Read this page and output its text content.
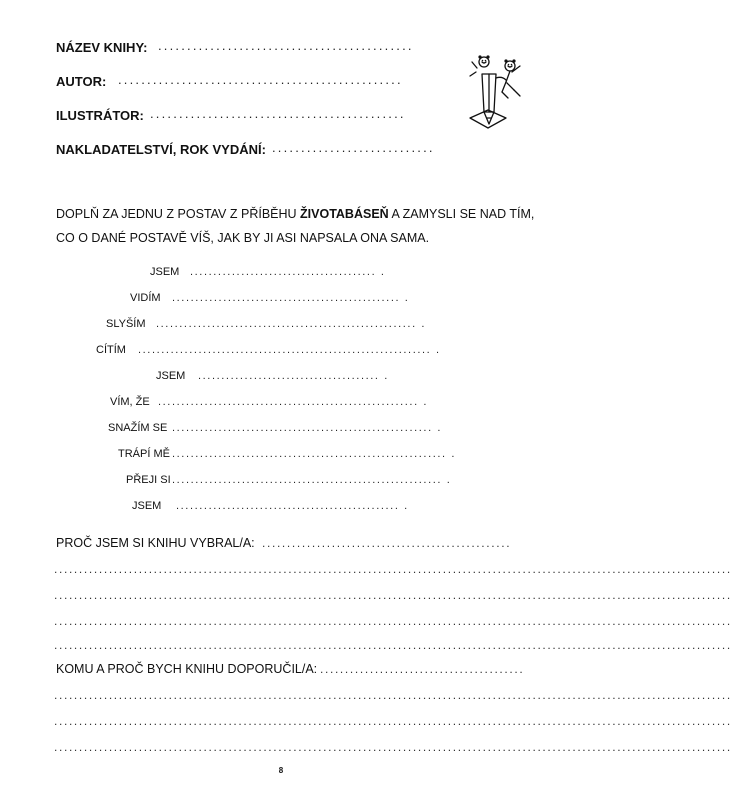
NÁZEV KNIHY: ............................................
AUTOR: .................................................
ILUSTRÁTOR: ............................................
NAKLADATELSTVÍ, ROK VYDÁNÍ: ............................
DOPLŇ ZA JEDNU Z POSTAV Z PŘÍBĚHU ŽIVOTABÁSEŇ A ZAMYSLI SE NAD TÍM, CO O DANÉ POSTAVĚ VÍŠ, JAK BY JI ASI NAPSALA ONA SAMA.
JSEM ........................................ .
VIDÍM ................................................. .
SLYŠÍM ........................................................ .
CÍTÍM ............................................................... .
JSEM ....................................... .
VÍM, ŽE ........................................................ .
SNAŽÍM SE ........................................................ .
TRÁPÍ MĚ ........................................................... .
PŘEJI SI .......................................................... .
JSEM ................................................ .
PROČ JSEM SI KNIHU VYBRAL/A: ..................................................
........................................................................................................................................
........................................................................................................................................
........................................................................................................................................
........................................................................................................................................
KOMU A PROČ BYCH KNIHU DOPORUČIL/A: .........................................
........................................................................................................................................
........................................................................................................................................
........................................................................................................................................
8
